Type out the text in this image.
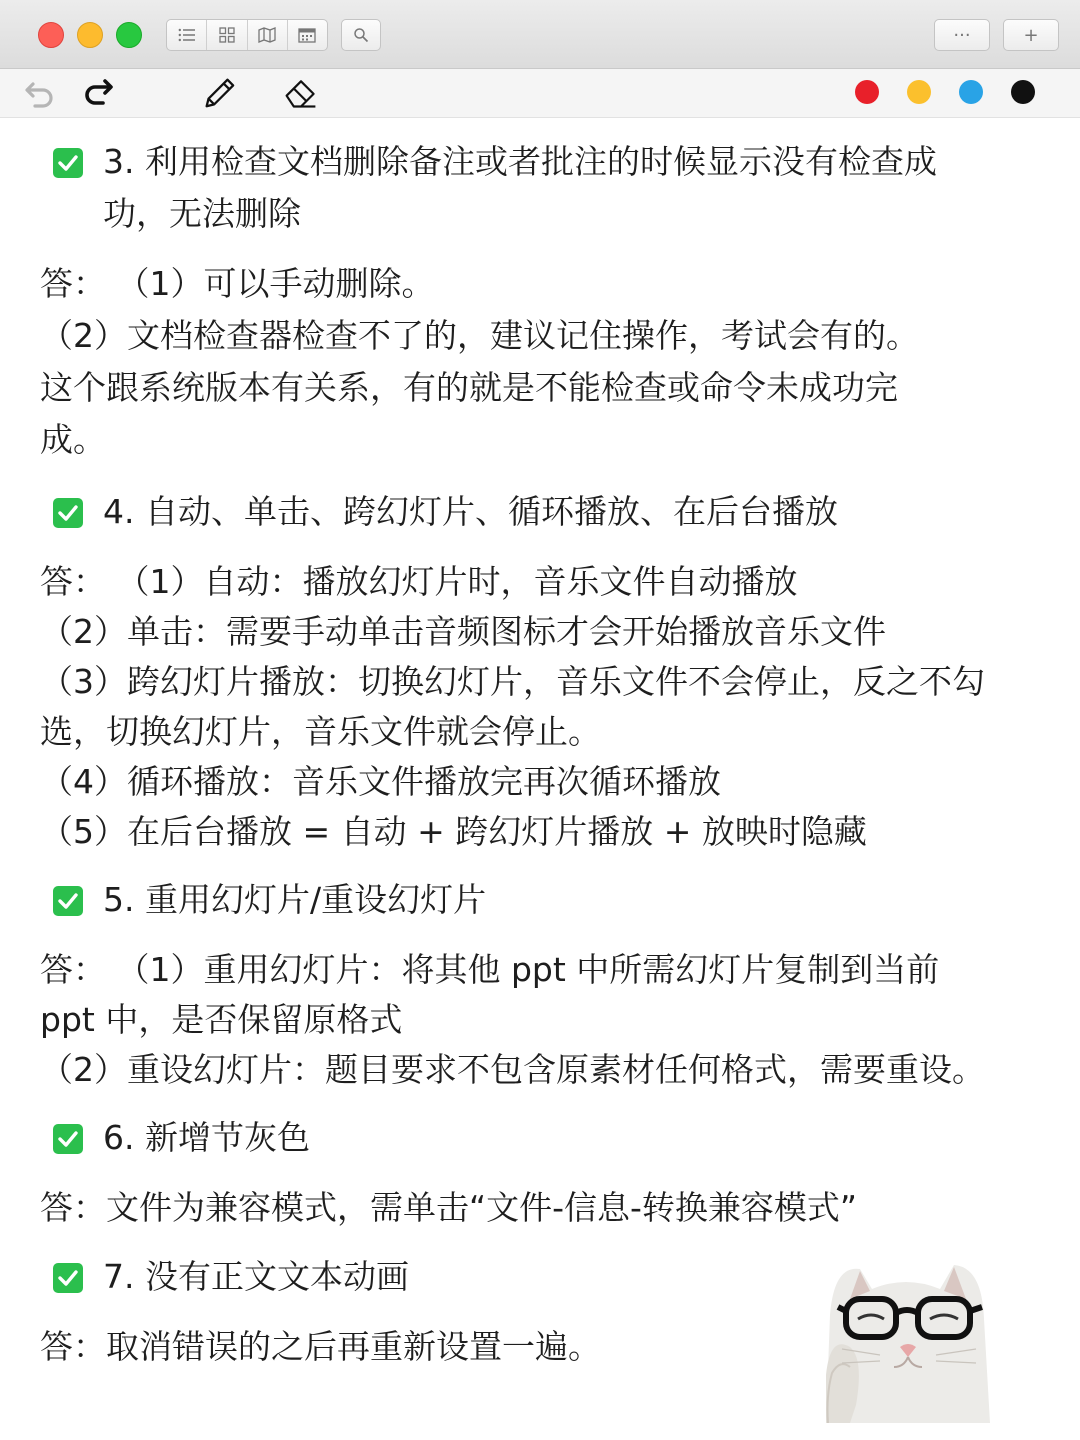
···	+
3. 利用检查文档删除备注或者批注的时候显示没有检查成
功，无法删除
答： （1）可以手动删除。
（2）文档检查器检查不了的，建议记住操作，考试会有的。
这个跟系统版本有关系，有的就是不能检查或命令未成功完
成。
4. 自动、单击、跨幻灯片、循环播放、在后台播放
答： （1）自动：播放幻灯片时，音乐文件自动播放
（2）单击：需要手动单击音频图标才会开始播放音乐文件
（3）跨幻灯片播放：切换幻灯片，音乐文件不会停止，反之不勾
选，切换幻灯片，音乐文件就会停止。
（4）循环播放：音乐文件播放完再次循环播放
（5）在后台播放 = 自动 + 跨幻灯片播放 + 放映时隐藏
5. 重用幻灯片/重设幻灯片
答： （1）重用幻灯片：将其他 ppt 中所需幻灯片复制到当前
ppt 中，是否保留原格式
（2）重设幻灯片：题目要求不包含原素材任何格式，需要重设。
6. 新增节灰色
答：文件为兼容模式，需单击“文件-信息-转换兼容模式”
7. 没有正文文本动画
答：取消错误的之后再重新设置一遍。
